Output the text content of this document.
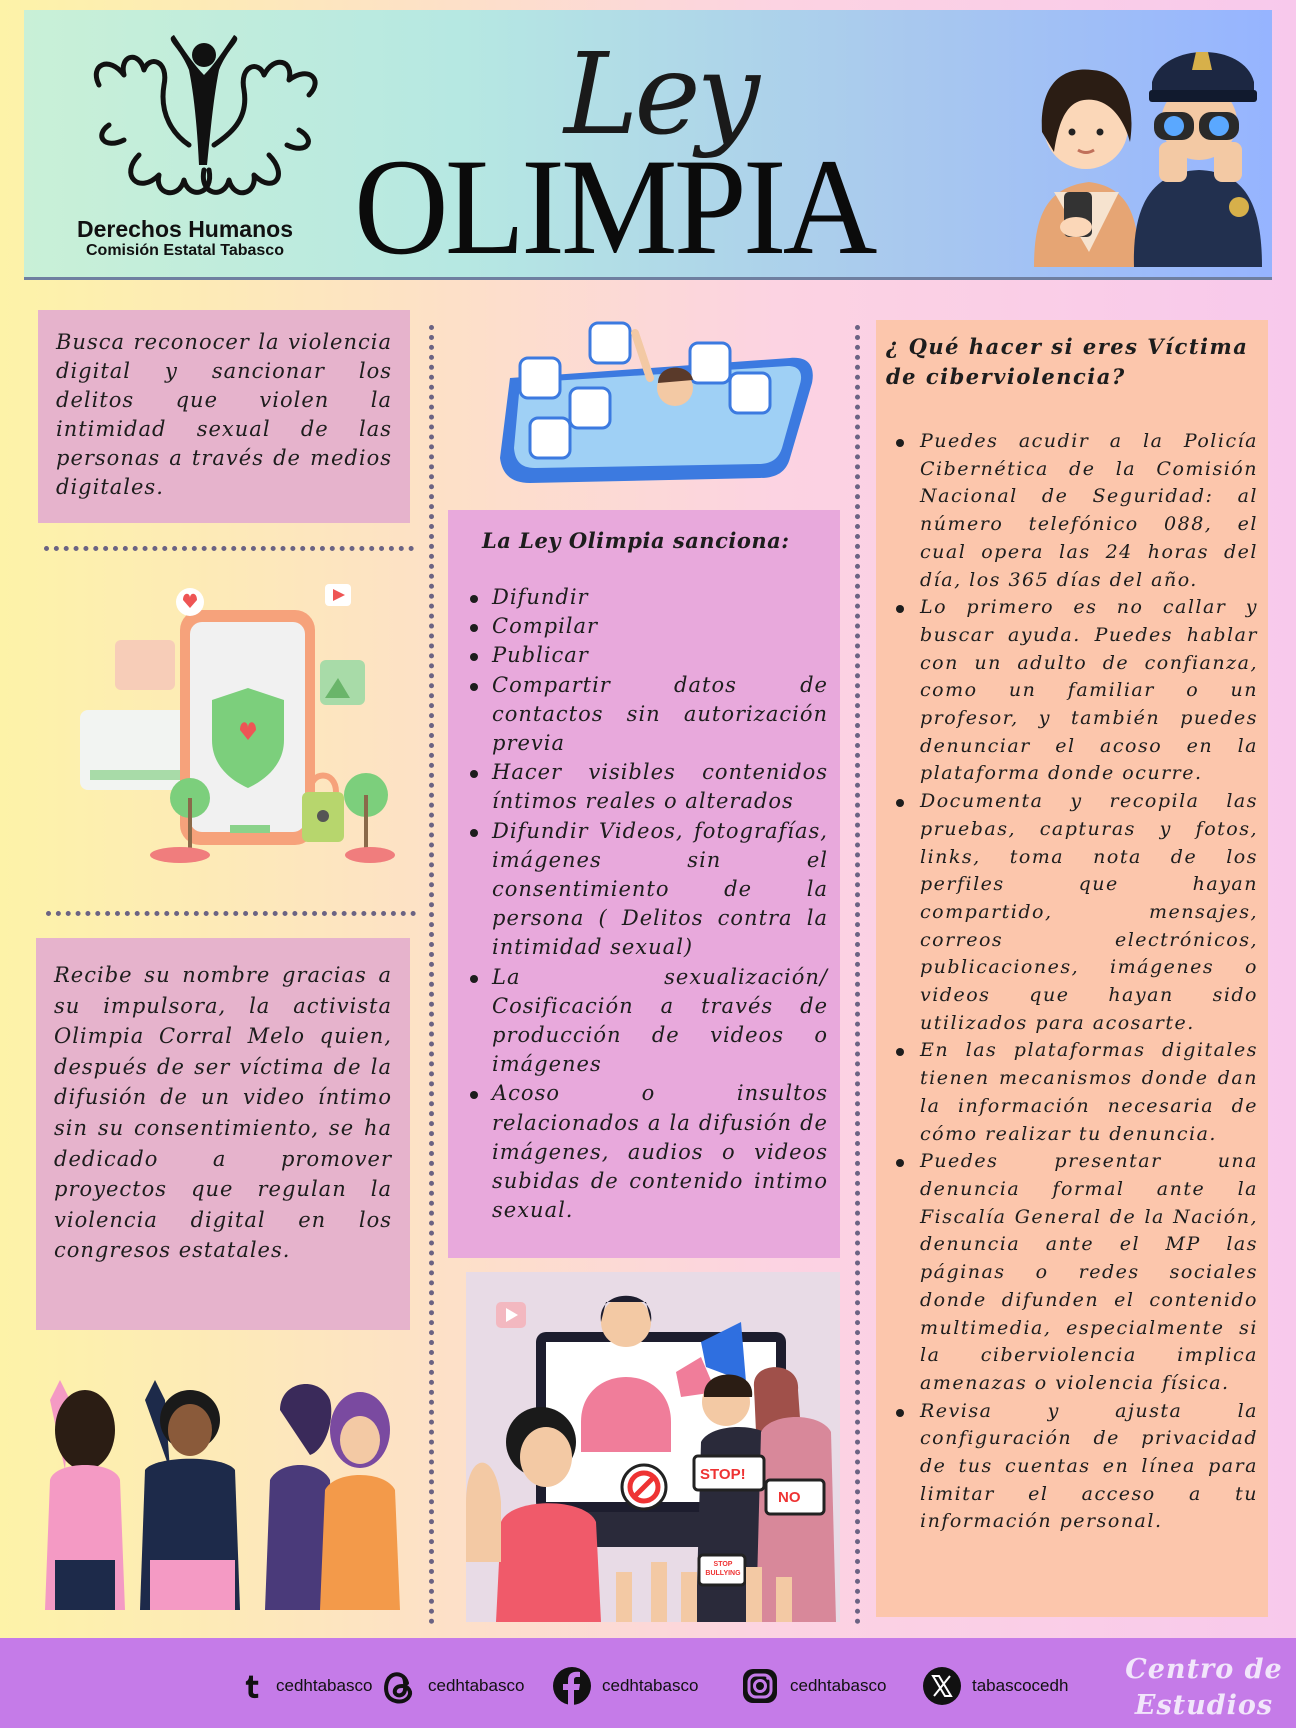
Derechos Humanos
Comisión Estatal Tabasco
Ley
OLIMPIA
Busca reconocer la violencia digital y sancionar los delitos que violen la intimidad sexual de las personas a través de medios digitales.
Recibe su nombre gracias a su impulsora, la activista Olimpia Corral Melo quien, después de ser víctima de la difusión de un video íntimo sin su consentimiento, se ha dedicado a promover proyectos que regulan la violencia digital en los congresos estatales.
La Ley Olimpia sanciona:
Difundir
Compilar
Publicar
Compartir datos de contactos sin autorización previa
Hacer visibles contenidos íntimos reales o alterados
Difundir Videos, fotografías, imágenes sin el consentimiento de la persona ( Delitos contra la intimidad sexual)
La sexualización/ Cosificación a través de producción de videos o imágenes
Acoso o insultos relacionados a la difusión de imágenes, audios o videos subidas de contenido intimo sexual.
STOP!
NO
STOP BULLYING
¿ Qué hacer si eres Víctima de ciberviolencia?
Puedes acudir a la Policía Cibernética de la Comisión Nacional de Seguridad: al número telefónico 088, el cual opera las 24 horas del día, los 365 días del año.
Lo primero es no callar y buscar ayuda. Puedes hablar con un adulto de confianza, como un familiar o un profesor, y también puedes denunciar el acoso en la plataforma donde ocurre.
Documenta y recopila las pruebas, capturas y fotos, links, toma nota de los perfiles que hayan compartido, mensajes, correos electrónicos, publicaciones, imágenes o videos que hayan sido utilizados para acosarte.
En las plataformas digitales tienen mecanismos donde dan la información necesaria de cómo realizar tu denuncia.
Puedes presentar una denuncia formal ante la Fiscalía General de la Nación, denuncia ante el MP las páginas o redes sociales donde difunden el contenido multimedia, especialmente si la ciberviolencia implica amenazas o violencia física.
Revisa y ajusta la configuración de privacidad de tus cuentas en línea para limitar el acceso a tu información personal.
cedhtabasco	cedhtabasco	cedhtabasco	cedhtabasco	tabascocedh
Centro de Estudios
